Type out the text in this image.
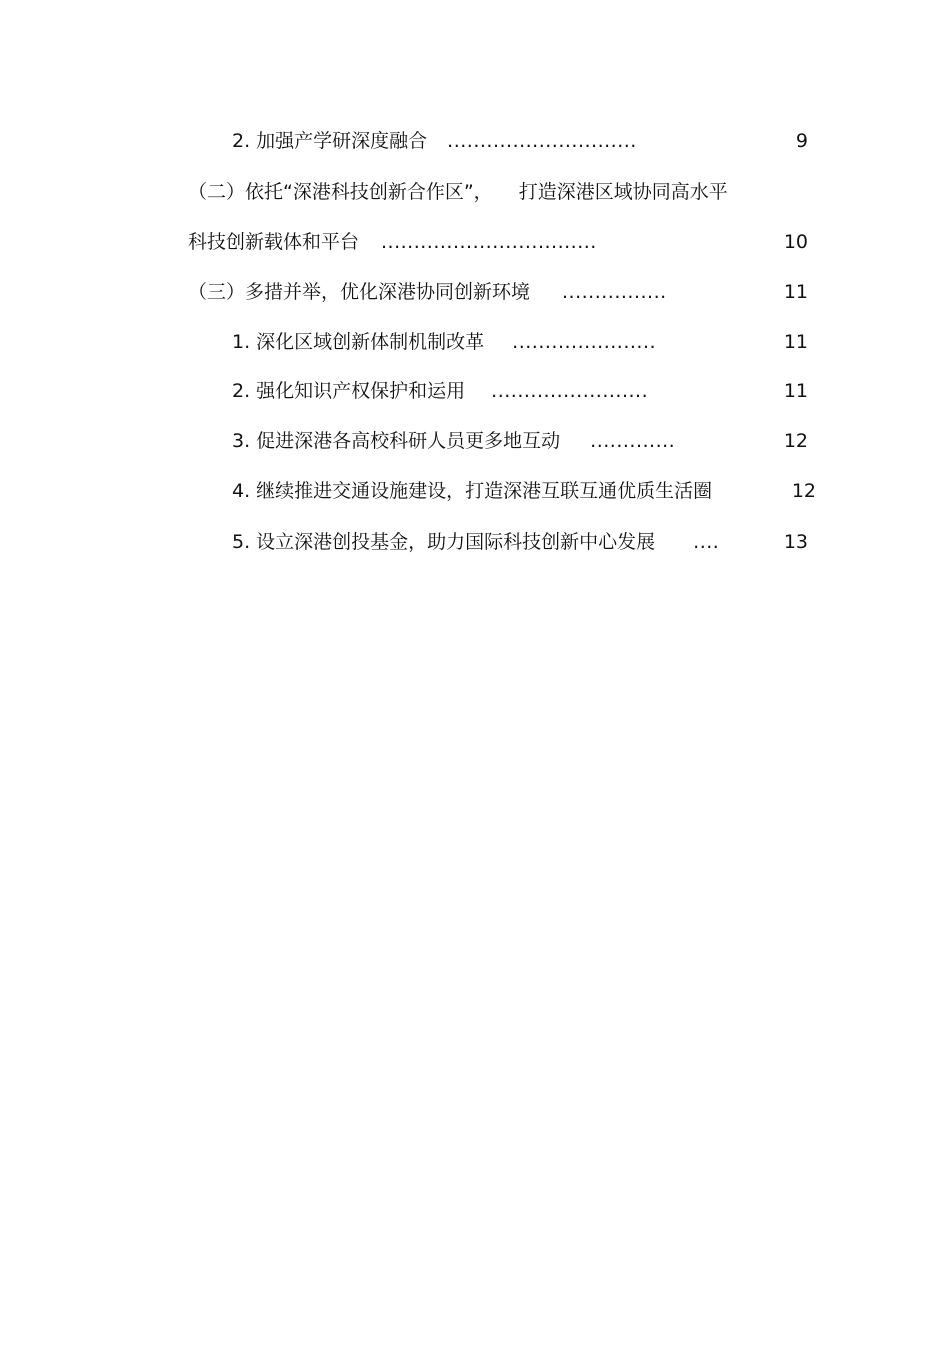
2. 加强产学研深度融合 .............................	9
（二）依托“深港科技创新合作区”， 打造深港区域协同高水平
科技创新载体和平台 .................................	10
（三）多措并举，优化深港协同创新环境 ................	11
1. 深化区域创新体制机制改革 ......................	11
2. 强化知识产权保护和运用 ........................	11
3. 促进深港各高校科研人员更多地互动 .............	12
4. 继续推进交通设施建设，打造深港互联互通优质生活圈	12
5. 设立深港创投基金，助力国际科技创新中心发展 ....	13
